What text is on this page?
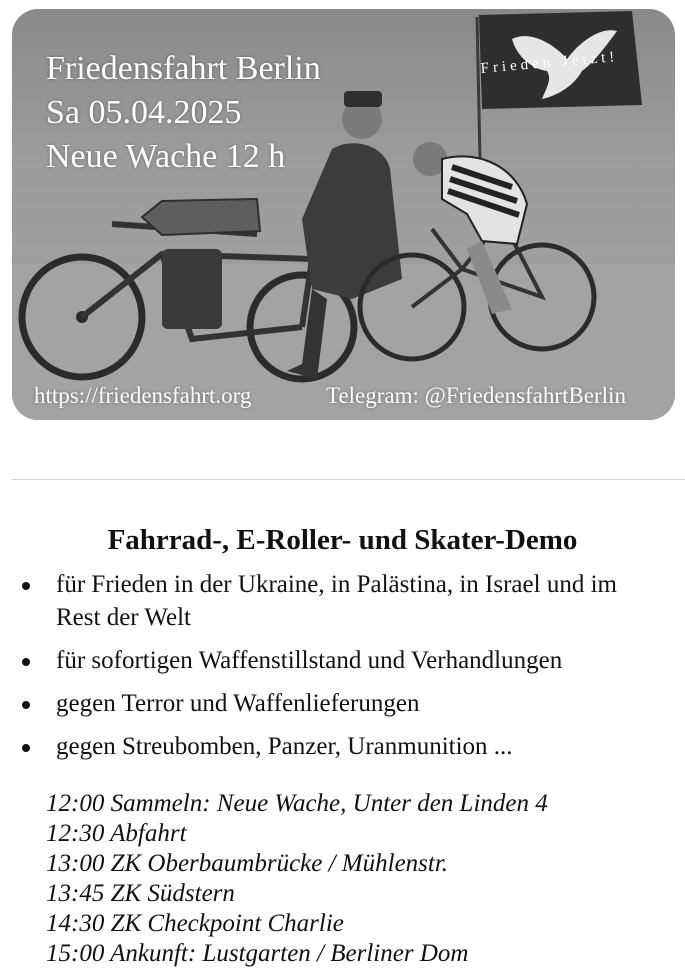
Friedensfahrt Berlin
Sa 05.04.2025
Neue Wache 12 h
Frieden Jetzt!
https://friedensfahrt.org	Telegram: @FriedensfahrtBerlin
Fahrrad-, E-Roller- und Skater-Demo
für Frieden in der Ukraine, in Palästina, in Israel und im Rest der Welt
für sofortigen Waffenstillstand und Verhandlungen
gegen Terror und Waffenlieferungen
gegen Streubomben, Panzer, Uranmunition ...
12:00 Sammeln: Neue Wache, Unter den Linden 4
12:30 Abfahrt
13:00 ZK Oberbaumbrücke / Mühlenstr.
13:45 ZK Südstern
14:30 ZK Checkpoint Charlie
15:00 Ankunft: Lustgarten / Berliner Dom
